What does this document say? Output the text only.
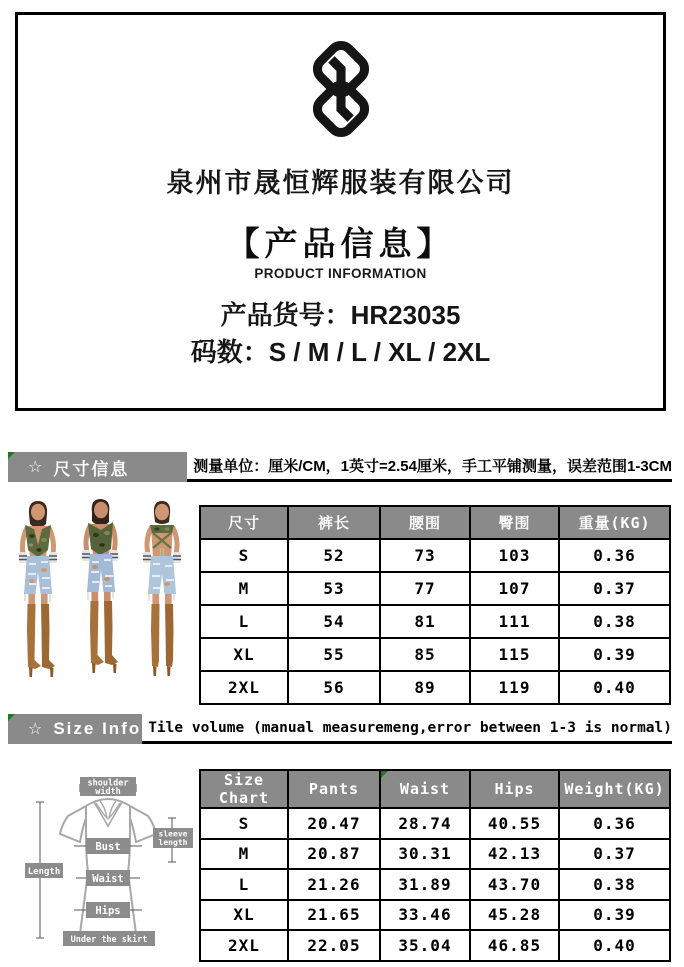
泉州市晟恒辉服装有限公司
【产品信息】
PRODUCT INFORMATION
产品货号：HR23035
码数：S / M / L / XL / 2XL
☆ 尺寸信息	测量单位：厘米/CM，1英寸=2.54厘米，手工平铺测量，误差范围1-3CM
尺寸	裤长	腰围	臀围	重量(KG)
S	52	73	103	0.36
M	53	77	107	0.37
L	54	81	111	0.38
XL	55	85	115	0.39
2XL	56	89	119	0.40
☆ Size Info Tile volume (manual measuremeng,error between 1-3 is normal)
shoulder
width
sleeve
length
Length
Bust
Waist
Hips
Under the skirt
Size Chart	Pants	Waist	Hips	Weight(KG)
S	20.47	28.74	40.55	0.36
M	20.87	30.31	42.13	0.37
L	21.26	31.89	43.70	0.38
XL	21.65	33.46	45.28	0.39
2XL	22.05	35.04	46.85	0.40
